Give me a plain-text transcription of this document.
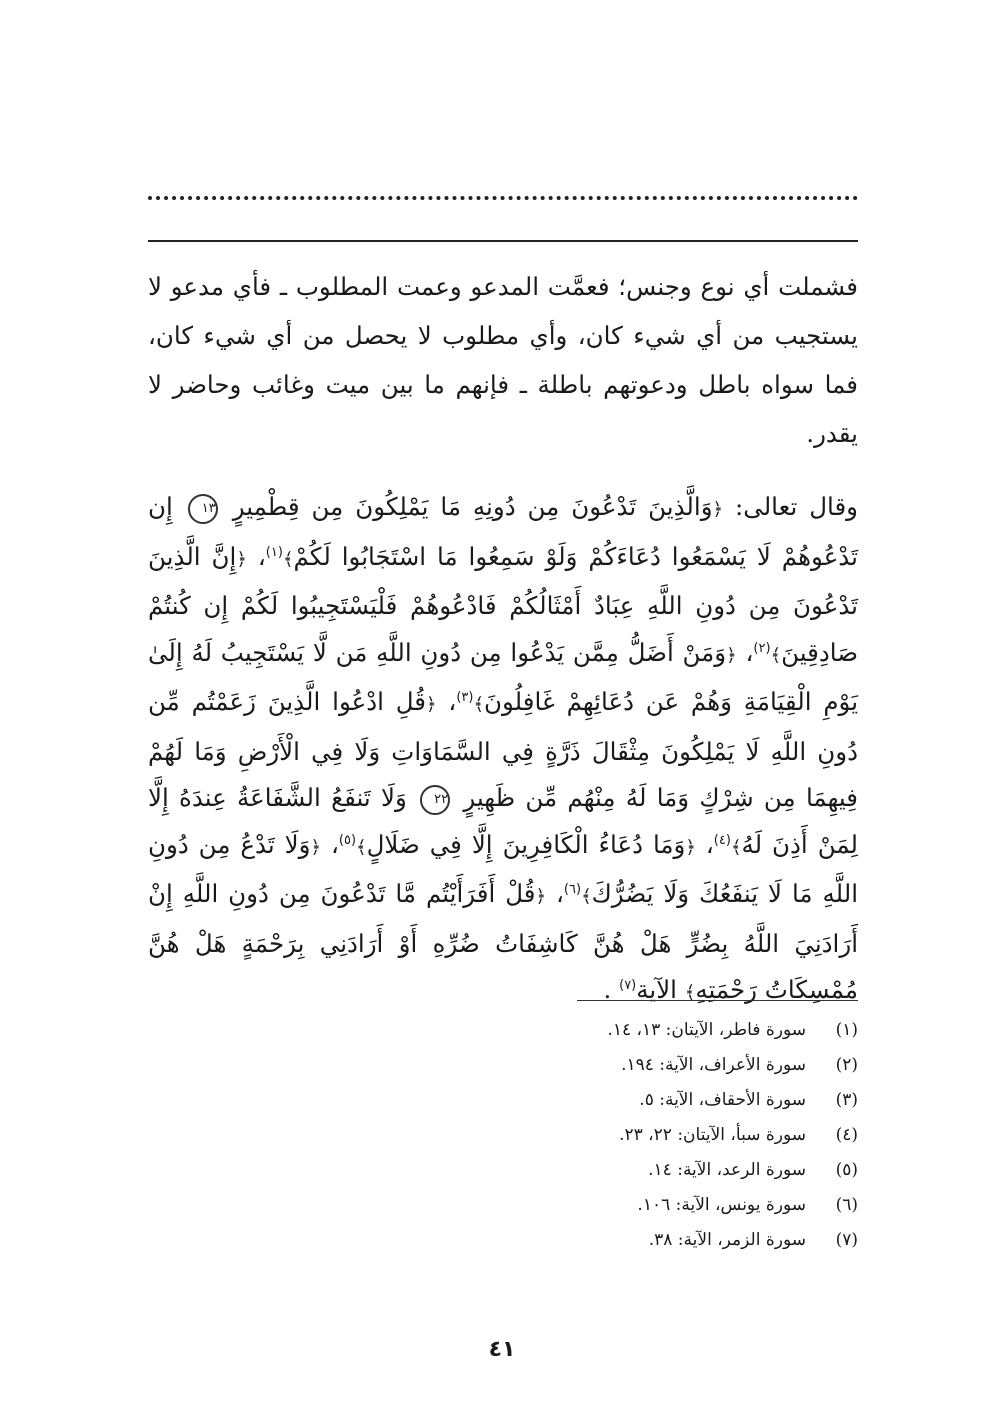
فشملت أي نوع وجنس؛ فعمَّت المدعو وعمت المطلوب ـ فأي مدعو لا يستجيب من أي شيء كان، وأي مطلوب لا يحصل من أي شيء كان، فما سواه باطل ودعوتهم باطلة ـ فإنهم ما بين ميت وغائب وحاضر لا يقدر.

وقال تعالى: ﴿وَالَّذِينَ تَدْعُونَ مِن دُونِهِ مَا يَمْلِكُونَ مِن قِطْمِيرٍ ١٣ إِن تَدْعُوهُمْ لَا يَسْمَعُوا دُعَاءَكُمْ وَلَوْ سَمِعُوا مَا اسْتَجَابُوا لَكُمْ﴾$^{(١)}$، ﴿إِنَّ الَّذِينَ تَدْعُونَ مِن دُونِ اللَّهِ عِبَادٌ أَمْثَالُكُمْ فَادْعُوهُمْ فَلْيَسْتَجِيبُوا لَكُمْ إِن كُنتُمْ صَادِقِينَ﴾$^{(٢)}$، ﴿وَمَنْ أَضَلُّ مِمَّن يَدْعُوا مِن دُونِ اللَّهِ مَن لَّا يَسْتَجِيبُ لَهُ إِلَىٰ يَوْمِ الْقِيَامَةِ وَهُمْ عَن دُعَائِهِمْ غَافِلُونَ﴾$^{(٣)}$، ﴿قُلِ ادْعُوا الَّذِينَ زَعَمْتُم مِّن دُونِ اللَّهِ لَا يَمْلِكُونَ مِثْقَالَ ذَرَّةٍ فِي السَّمَاوَاتِ وَلَا فِي الْأَرْضِ وَمَا لَهُمْ فِيهِمَا مِن شِرْكٍ وَمَا لَهُ مِنْهُم مِّن ظَهِيرٍ ٢٢ وَلَا تَنفَعُ الشَّفَاعَةُ عِندَهُ إِلَّا لِمَنْ أَذِنَ لَهُ﴾$^{(٤)}$، ﴿وَمَا دُعَاءُ الْكَافِرِينَ إِلَّا فِي ضَلَالٍ﴾$^{(٥)}$، ﴿وَلَا تَدْعُ مِن دُونِ اللَّهِ مَا لَا يَنفَعُكَ وَلَا يَضُرُّكَ﴾$^{(٦)}$، ﴿قُلْ أَفَرَأَيْتُم مَّا تَدْعُونَ مِن دُونِ اللَّهِ إِنْ أَرَادَنِيَ اللَّهُ بِضُرٍّ هَلْ هُنَّ كَاشِفَاتُ ضُرِّهِ أَوْ أَرَادَنِي بِرَحْمَةٍ هَلْ هُنَّ مُمْسِكَاتُ رَحْمَتِهِ﴾ الآية$^{(٧)}$ .

(١)سورة فاطر، الآيتان: ١٣، ١٤.
(٢)سورة الأعراف، الآية: ١٩٤.
(٣)سورة الأحقاف، الآية: ٥.
(٤)سورة سبأ، الآيتان: ٢٢، ٢٣.
(٥)سورة الرعد، الآية: ١٤.
(٦)سورة يونس، الآية: ١٠٦.
(٧)سورة الزمر، الآية: ٣٨.
٤١
